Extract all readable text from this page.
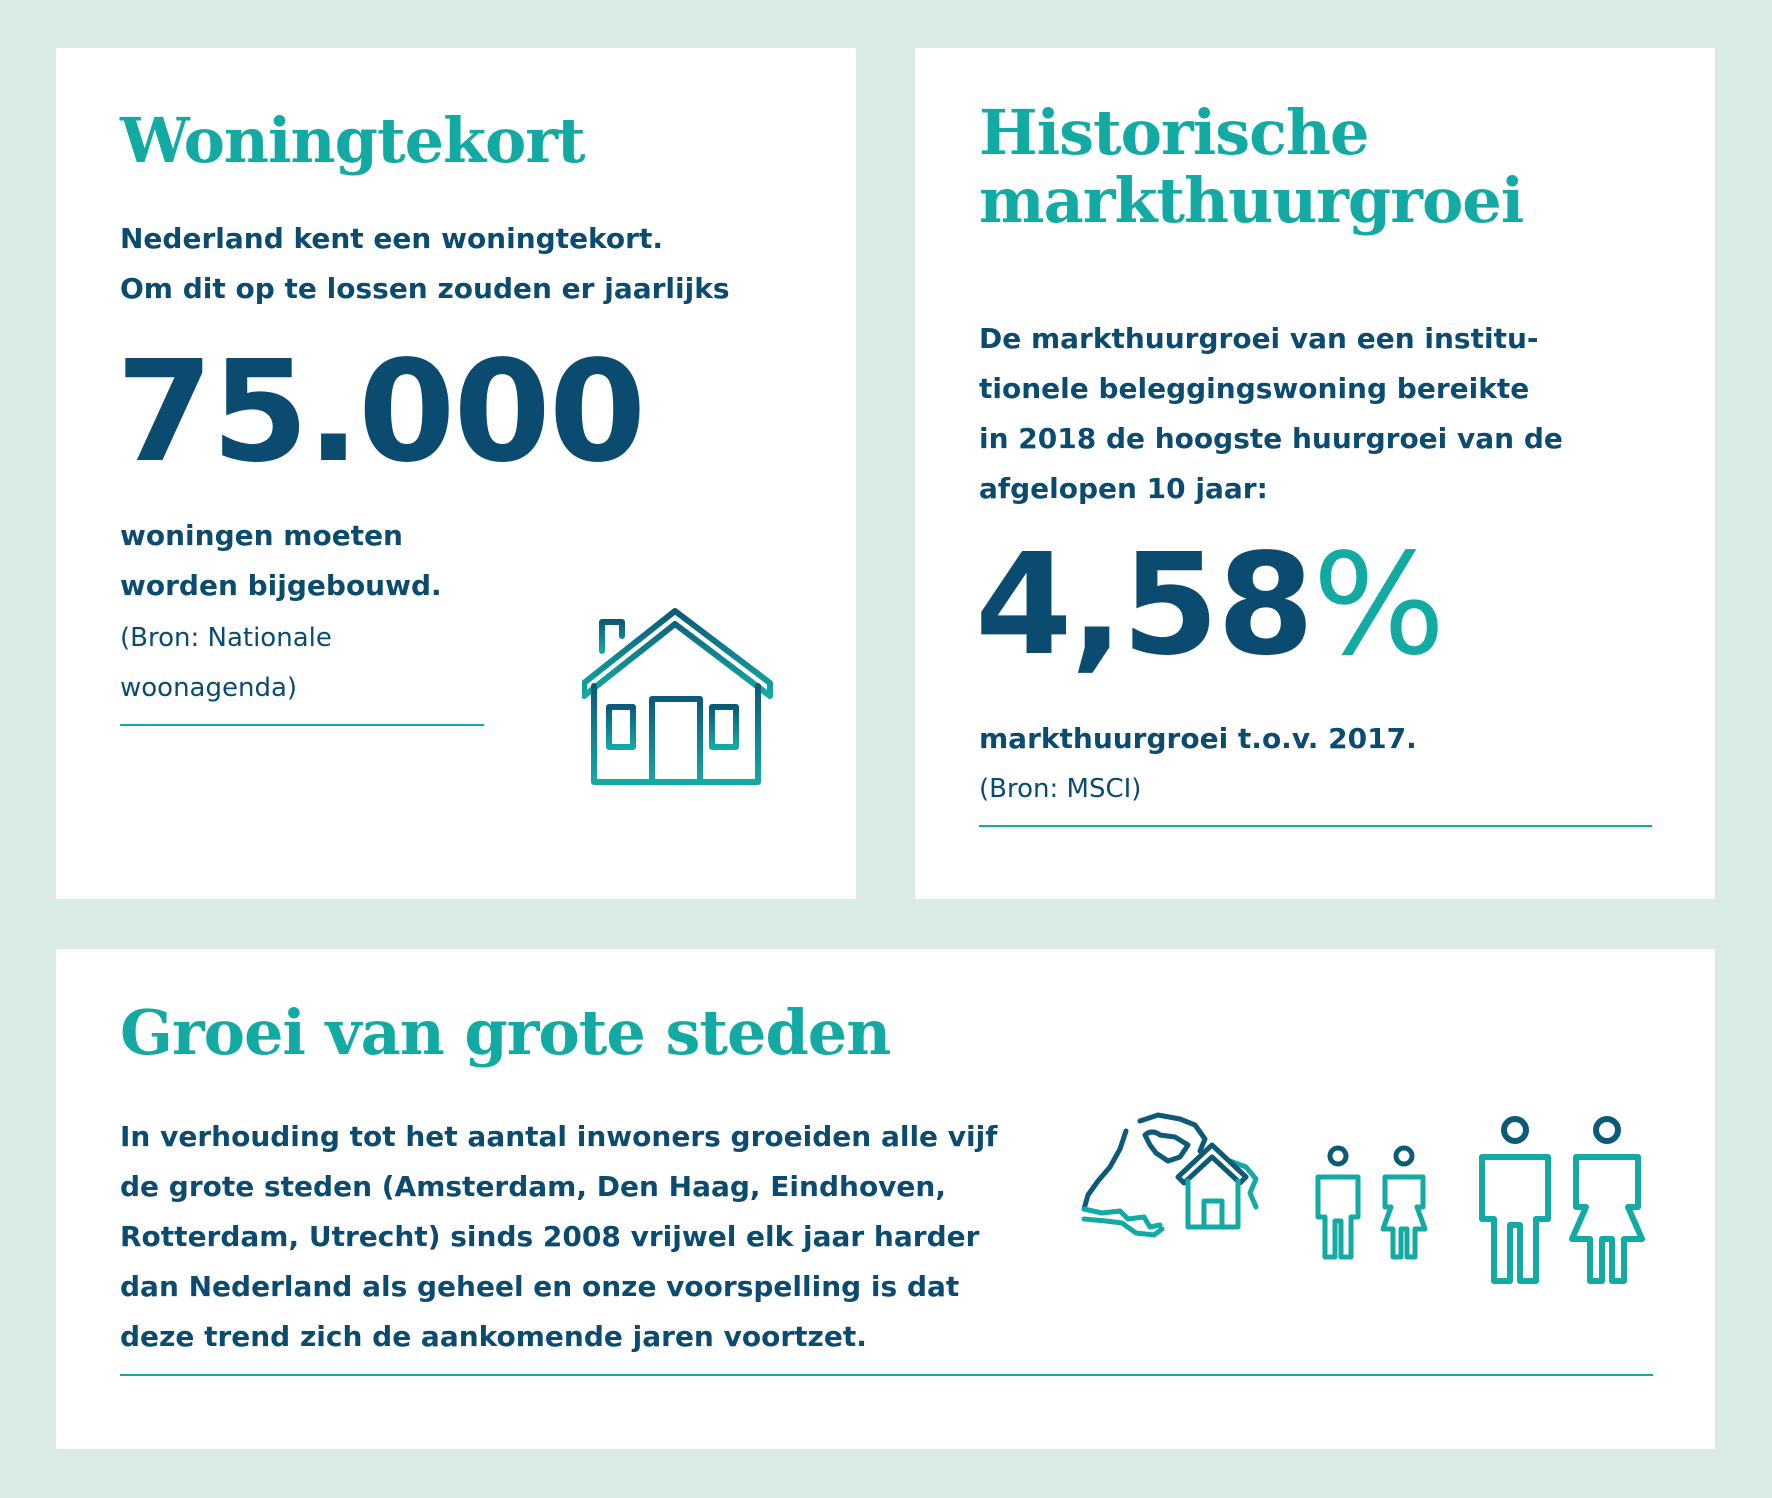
Woningtekort

Nederland kent een woningtekort.

Om dit op te lossen zouden er jaarlijks

75.000

woningen moeten

worden bijgebouwd.

(Bron: Nationale

woonagenda)

Historische
markthuurgroei

De markthuurgroei van een institu-

tionele beleggingswoning bereikte

in 2018 de hoogste huurgroei van de

afgelopen 10 jaar:

4,58%

markthuurgroei t.o.v. 2017.

(Bron: MSCI)

Groei van grote steden

In verhouding tot het aantal inwoners groeiden alle vijf

de grote steden (Amsterdam, Den Haag, Eindhoven,

Rotterdam, Utrecht) sinds 2008 vrijwel elk jaar harder

dan Nederland als geheel en onze voorspelling is dat

deze trend zich de aankomende jaren voortzet.
